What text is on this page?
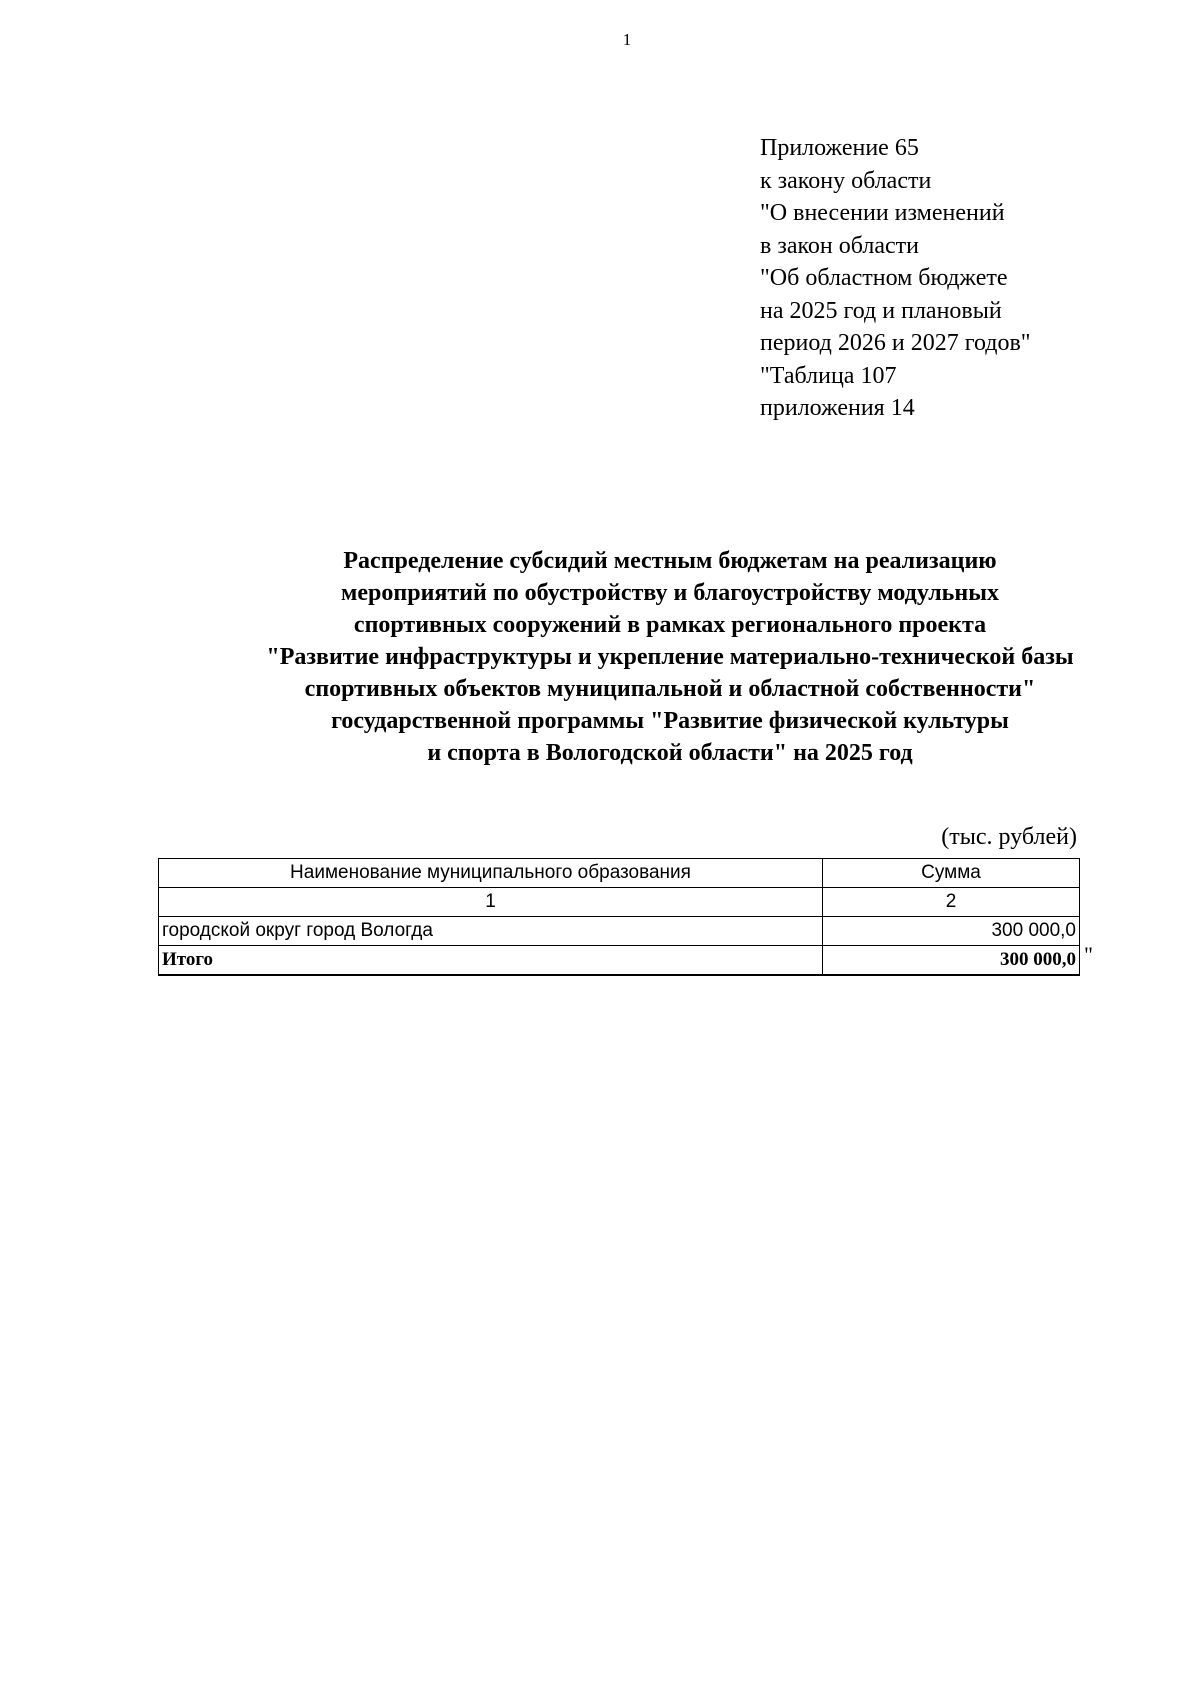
1
Приложение 65
к закону области
"О внесении изменений
в закон области
"Об областном бюджете
на 2025 год и плановый
период 2026 и 2027 годов"
"Таблица 107
приложения 14
Распределение субсидий местным бюджетам на реализацию
мероприятий по обустройству и благоустройству модульных
спортивных сооружений в рамках регионального проекта
"Развитие инфраструктуры и укрепление материально-технической базы
спортивных объектов муниципальной и областной собственности"
государственной программы "Развитие физической культуры
и спорта в Вологодской области" на 2025 год
(тыс. рублей)
Наименование муниципального образования	Сумма
1	2
городской округ город Вологда	300 000,0
Итого	300 000,0 "
